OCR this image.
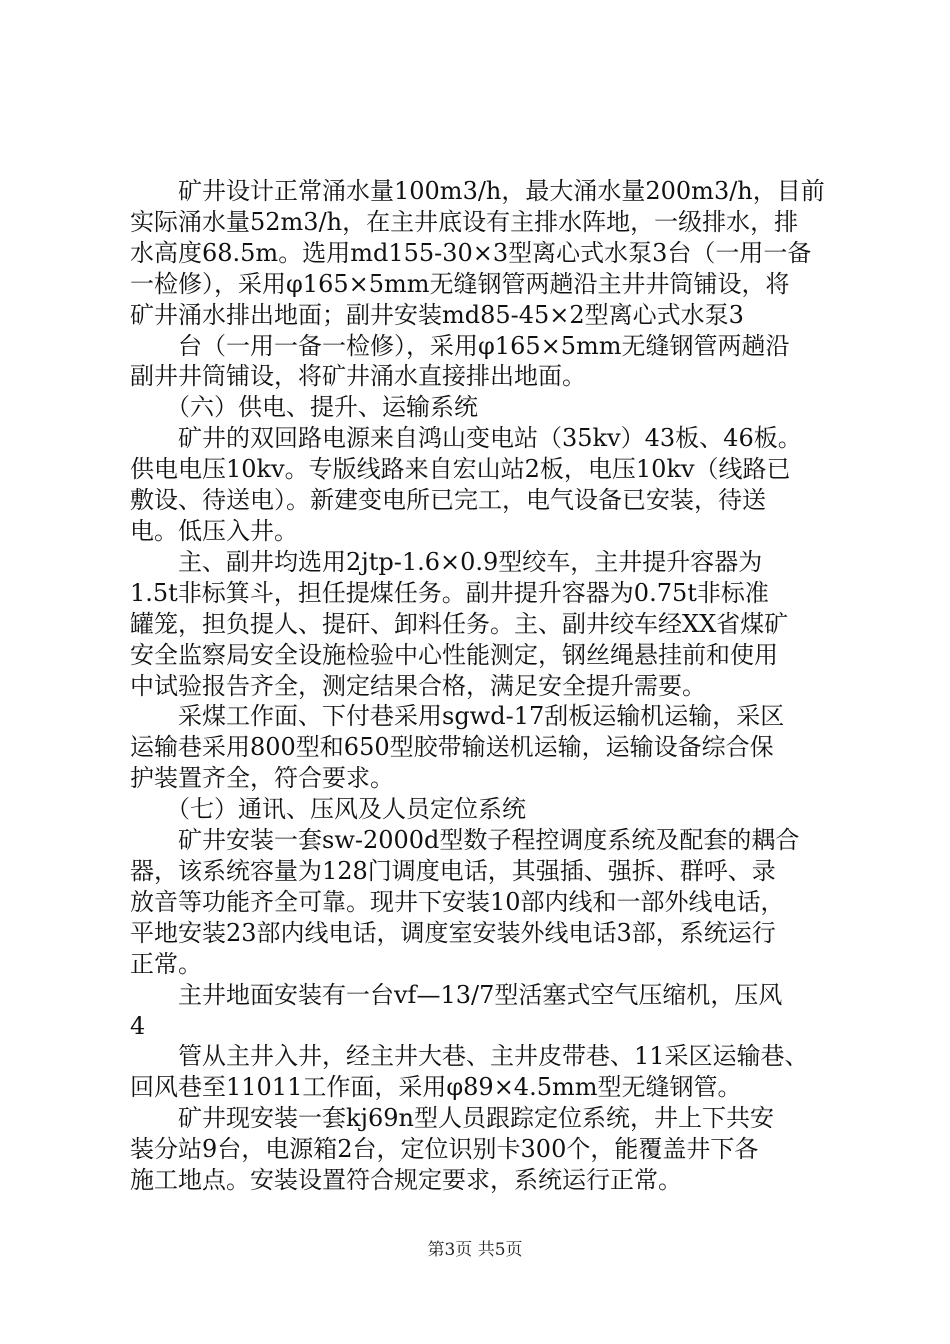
　　矿井设计正常涌水量100m3/h，最大涌水量200m3/h，目前
实际涌水量52m3/h，在主井底设有主排水阵地，一级排水，排
水高度68.5m。选用md155-30×3型离心式水泵3台（一用一备
一检修），采用φ165×5mm无缝钢管两趟沿主井井筒铺设，将
矿井涌水排出地面；副井安装md85-45×2型离心式水泵3
　　台（一用一备一检修），采用φ165×5mm无缝钢管两趟沿
副井井筒铺设，将矿井涌水直接排出地面。
　　（六）供电、提升、运输系统
　　矿井的双回路电源来自鸿山变电站（35kv）43板、46板。
供电电压10kv。专版线路来自宏山站2板，电压10kv（线路已
敷设、待送电）。新建变电所已完工，电气设备已安装，待送
电。低压入井。
　　主、副井均选用2jtp-1.6×0.9型绞车，主井提升容器为
1.5t非标箕斗，担任提煤任务。副井提升容器为0.75t非标准
罐笼，担负提人、提矸、卸料任务。主、副井绞车经XX省煤矿
安全监察局安全设施检验中心性能测定，钢丝绳悬挂前和使用
中试验报告齐全，测定结果合格，满足安全提升需要。
　　采煤工作面、下付巷采用sgwd-17刮板运输机运输，采区
运输巷采用800型和650型胶带输送机运输，运输设备综合保
护装置齐全，符合要求。
　　（七）通讯、压风及人员定位系统
　　矿井安装一套sw-2000d型数子程控调度系统及配套的耦合
器，该系统容量为128门调度电话，其强插、强拆、群呼、录
放音等功能齐全可靠。现井下安装10部内线和一部外线电话，
平地安装23部内线电话，调度室安装外线电话3部，系统运行
正常。
　　主井地面安装有一台vf—13/7型活塞式空气压缩机，压风
4
　　管从主井入井，经主井大巷、主井皮带巷、11采区运输巷、
回风巷至11011工作面，采用φ89×4.5mm型无缝钢管。
　　矿井现安装一套kj69n型人员跟踪定位系统，井上下共安
装分站9台，电源箱2台，定位识别卡300个，能覆盖井下各
施工地点。安装设置符合规定要求，系统运行正常。
第3页 共5页
